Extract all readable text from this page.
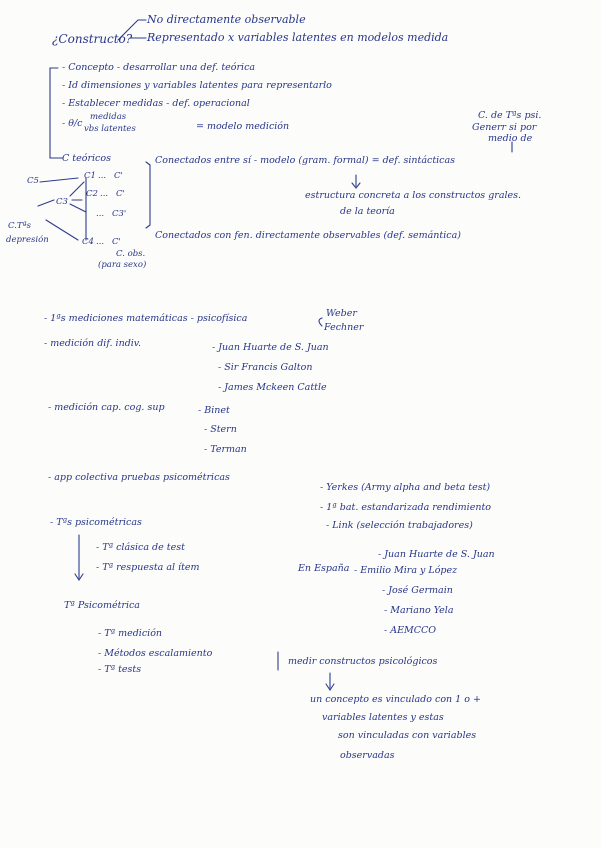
¿Constructo?
No directamente observable
Representado x variables latentes en modelos medida
- Concepto - desarrollar una def. teórica
- Id dimensiones y variables latentes para representarlo
- Establecer medidas - def. operacional
- θ/c
medidas
vbs latentes	= modelo medición
C. de Tªs psi.
Generr si por
medio de
C teóricos	Conectados entre sí - modelo (gram. formal) = def. sintácticas
estructura concreta a los constructos grales.
de la teoría
Conectados con fen. directamente observables (def. semántica)
C5	C1 ... C'
C2 ... C'
C3
... C3'
C4 ... C'
C.Tªs
depresión
C. obs.
(para sexo)
- 1ªs mediciones matemáticas - psicofísica	Weber
Fechner
- medición dif. indiv.	- Juan Huarte de S. Juan
- Sir Francis Galton
- James Mckeen Cattle
- medición cap. cog. sup	- Binet
- Stern
- Terman
- app colectiva pruebas psicométricas
- Yerkes (Army alpha and beta test)
- 1ª bat. estandarizada rendimiento
- Link (selección trabajadores)
- Tªs psicométricas
- Tª clásica de test
- Tª respuesta al ítem
- Juan Huarte de S. Juan
En España - Emilio Mira y López
- José Germain
- Mariano Yela
- AEMCCO
Tª Psicométrica
- Tª medición
- Métodos escalamiento
- Tª tests
medir constructos psicológicos
un concepto es vinculado con 1 o +
variables latentes y estas
son vinculadas con variables
observadas
